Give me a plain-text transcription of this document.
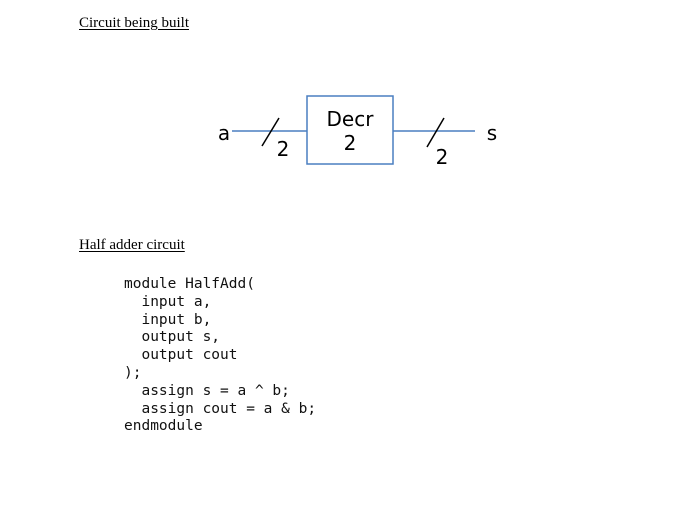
Circuit being built
a
2
Decr
2
2
s
Half adder circuit
module HalfAdd(
input a,
input b,
output s,
output cout
);
assign s = a ^ b;
assign cout = a & b;
endmodule
